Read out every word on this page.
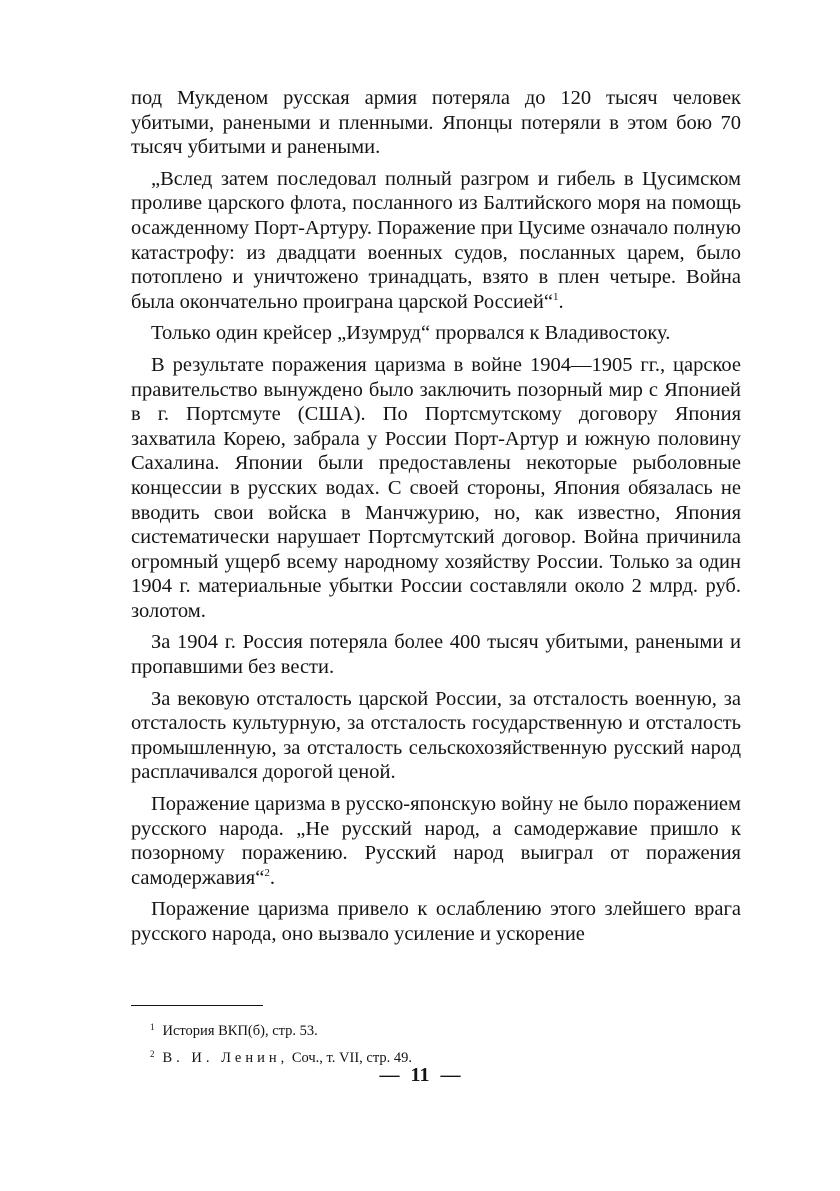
под Мукденом русская армия потеряла до 120 тысяч человек убитыми, ранеными и пленными. Японцы потеряли в этом бою 70 тысяч убитыми и ранеными.

„Вслед затем последовал полный разгром и гибель в Цусимском проливе царского флота, посланного из Балтийского моря на помощь осажденному Порт-Артуру. Поражение при Цусиме означало полную катастрофу: из двадцати военных судов, посланных царем, было потоплено и уничтожено тринадцать, взято в плен четыре. Война была окончательно проиграна царской Россией“$^1$.

Только один крейсер „Изумруд“ прорвался к Владивостоку.

В результате поражения царизма в войне 1904—1905 гг., царское правительство вынуждено было заключить позорный мир с Японией в г. Портсмуте (США). По Портсмутскому договору Япония захватила Корею, забрала у России Порт-Артур и южную половину Сахалина. Японии были предоставлены некоторые рыболовные концессии в русских водах. С своей стороны, Япония обязалась не вводить свои войска в Манчжурию, но, как известно, Япония систематически нарушает Портсмутский договор. Война причинила огромный ущерб всему народному хозяйству России. Только за один 1904 г. материальные убытки России составляли около 2 млрд. руб. золотом.

За 1904 г. Россия потеряла более 400 тысяч убитыми, ранеными и пропавшими без вести.

За вековую отсталость царской России, за отсталость военную, за отсталость культурную, за отсталость государственную и отсталость промышленную, за отсталость сельскохозяйственную русский народ расплачивался дорогой ценой.

Поражение царизма в русско-японскую войну не было поражением русского народа. „Не русский народ, а самодержавие пришло к позорному поражению. Русский народ выиграл от поражения самодержавия“$^2$.

Поражение царизма привело к ослаблению этого злейшего врага русского народа, оно вызвало усиление и ускорение

$^1$ История ВКП(б), стр. 53.
$^2$ В. И. Ленин, Соч., т. VII, стр. 49.
— 11 —
